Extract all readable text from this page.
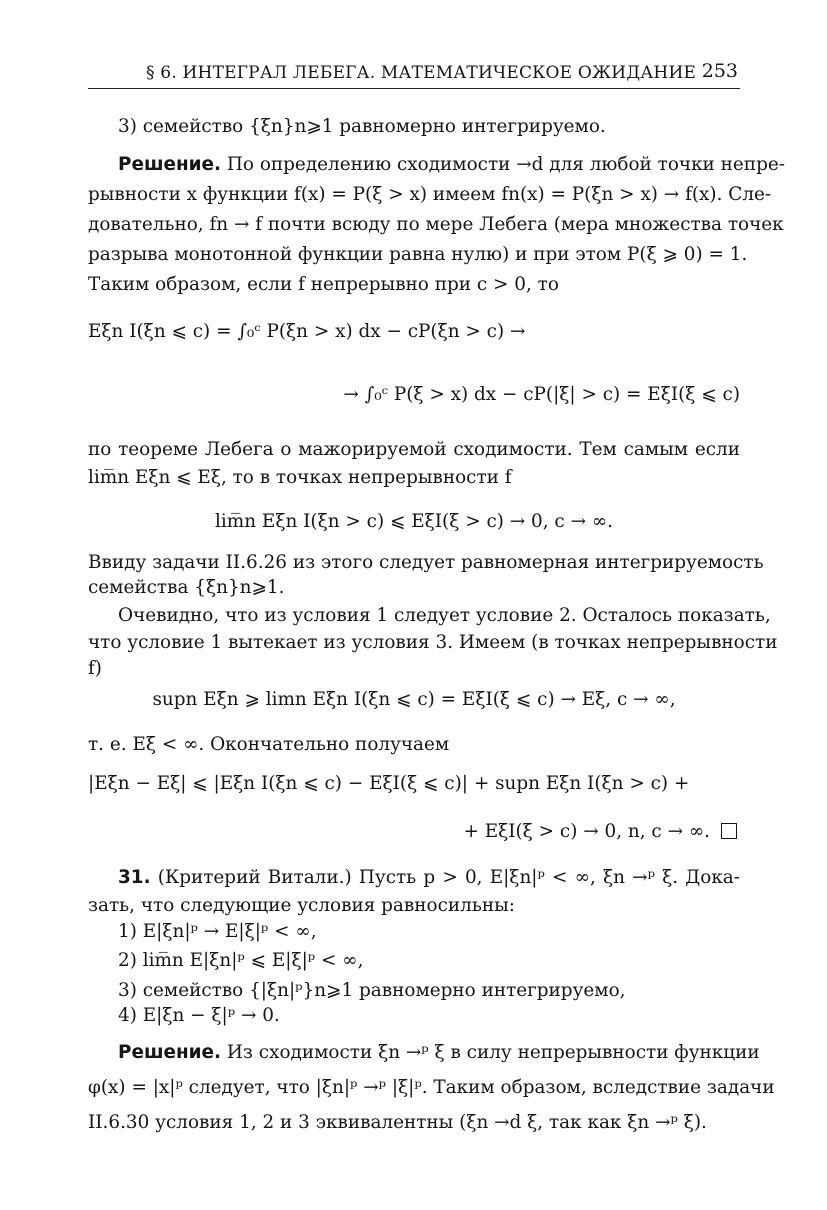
§ 6. ИНТЕГРАЛ ЛЕБЕГА. МАТЕМАТИЧЕСКОЕ ОЖИДАНИЕ 253
3) семейство {ξn}n⩾1 равномерно интегрируемо.
Решение. По определению сходимости →d для любой точки непре-
рывности x функции f(x) = P(ξ > x) имеем fn(x) = P(ξn > x) → f(x). Сле-
довательно, fn → f почти всюду по мере Лебега (мера множества точек
разрыва монотонной функции равна нулю) и при этом P(ξ ⩾ 0) = 1.
Таким образом, если f непрерывно при c > 0, то
Eξn I(ξn ⩽ c) = ∫₀ᶜ P(ξn > x) dx − cP(ξn > c) →
→ ∫₀ᶜ P(ξ > x) dx − cP(|ξ| > c) = EξI(ξ ⩽ c)
по теореме Лебега о мажорируемой сходимости. Тем самым если
lim̅n Eξn ⩽ Eξ, то в точках непрерывности f
lim̅n Eξn I(ξn > c) ⩽ EξI(ξ > c) → 0, c → ∞.
Ввиду задачи II.6.26 из этого следует равномерная интегрируемость
семейства {ξn}n⩾1.
Очевидно, что из условия 1 следует условие 2. Осталось показать,
что условие 1 вытекает из условия 3. Имеем (в точках непрерывности
f)
supn Eξn ⩾ limn Eξn I(ξn ⩽ c) = EξI(ξ ⩽ c) → Eξ, c → ∞,
т. е. Eξ < ∞. Окончательно получаем
|Eξn − Eξ| ⩽ |Eξn I(ξn ⩽ c) − EξI(ξ ⩽ c)| + supn Eξn I(ξn > c) +
+ EξI(ξ > c) → 0, n, c → ∞.
31. (Критерий Витали.) Пусть p > 0, E|ξn|ᵖ < ∞, ξn →ᵖ ξ. Дока-
зать, что следующие условия равносильны:
1) E|ξn|ᵖ → E|ξ|ᵖ < ∞,
2) lim̅n E|ξn|ᵖ ⩽ E|ξ|ᵖ < ∞,
3) семейство {|ξn|ᵖ}n⩾1 равномерно интегрируемо,
4) E|ξn − ξ|ᵖ → 0.
Решение. Из сходимости ξn →ᵖ ξ в силу непрерывности функции
φ(x) = |x|ᵖ следует, что |ξn|ᵖ →ᵖ |ξ|ᵖ. Таким образом, вследствие задачи
II.6.30 условия 1, 2 и 3 эквивалентны (ξn →d ξ, так как ξn →ᵖ ξ).
